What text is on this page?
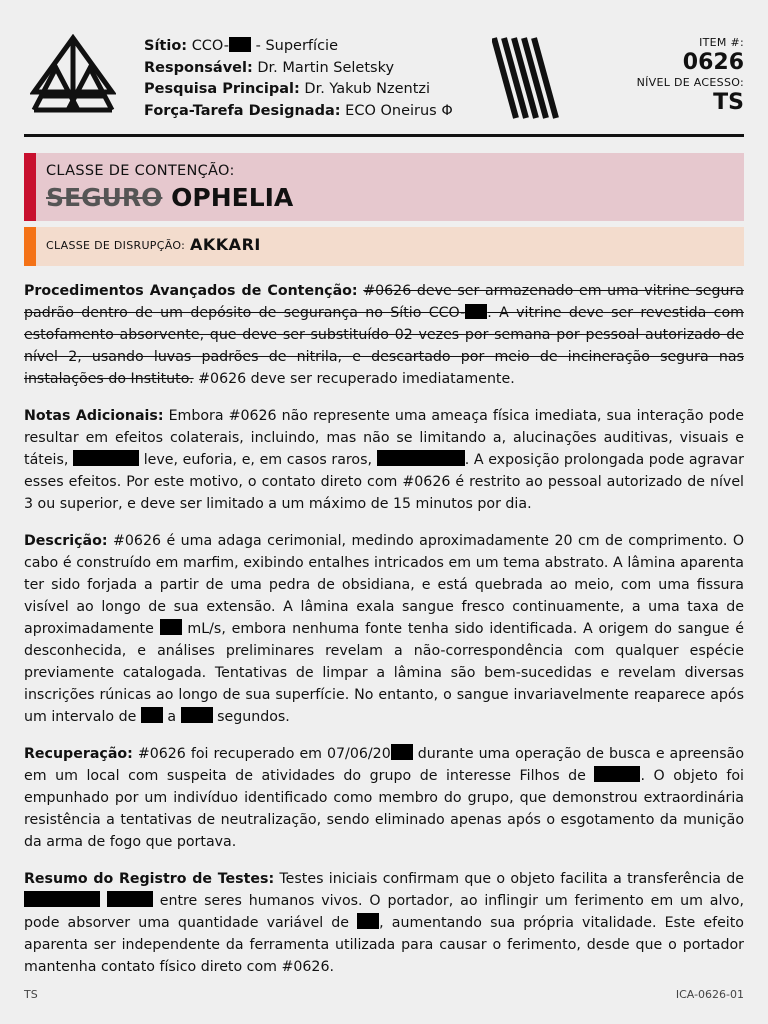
Sítio: CCO- - Superfície
Responsável: Dr. Martin Seletsky
Pesquisa Principal: Dr. Yakub Nzentzi
Força-Tarefa Designada: ECO Oneirus Φ
ITEM #:
0626
NÍVEL DE ACESSO:
TS
CLASSE DE CONTENÇÃO:
SEGURO OPHELIA
CLASSE DE DISRUPÇÃO: AKKARI

Procedimentos Avançados de Contenção: #0626 deve ser armazenado em uma vitrine segura padrão dentro de um depósito de segurança no Sítio CCO- . A vitrine deve ser revestida com estofamento absorvente, que deve ser substituído 02 vezes por semana por pessoal autorizado de nível 2, usando luvas padrões de nitrila, e descartado por meio de incineração segura nas instalações do Instituto. #0626 deve ser recuperado imediatamente.

Notas Adicionais: Embora #0626 não represente uma ameaça física imediata, sua interação pode resultar em efeitos colaterais, incluindo, mas não se limitando a, alucinações auditivas, visuais e táteis,	leve, euforia, e, em casos raros,	. A exposição prolongada pode agravar esses efeitos. Por este motivo, o contato direto com #0626 é restrito ao pessoal autorizado de nível 3 ou superior, e deve ser limitado a um máximo de 15 minutos por dia.

Descrição: #0626 é uma adaga cerimonial, medindo aproximadamente 20 cm de comprimento. O cabo é construído em marfim, exibindo entalhes intricados em um tema abstrato. A lâmina aparenta ter sido forjada a partir de uma pedra de obsidiana, e está quebrada ao meio, com uma fissura visível ao longo de sua extensão. A lâmina exala sangue fresco continuamente, a uma taxa de aproximadamente mL/s, embora nenhuma fonte tenha sido identificada. A origem do sangue é desconhecida, e análises preliminares revelam a não-correspondência com qualquer espécie previamente catalogada. Tentativas de limpar a lâmina são bem-sucedidas e revelam diversas inscrições rúnicas ao longo de sua superfície. No entanto, o sangue invariavelmente reaparece após um intervalo de a	segundos.

Recuperação: #0626 foi recuperado em 07/06/20 durante uma operação de busca e apreensão em um local com suspeita de atividades do grupo de interesse Filhos de	. O objeto foi empunhado por um indivíduo identificado como membro do grupo, que demonstrou extraordinária resistência a tentativas de neutralização, sendo eliminado apenas após o esgotamento da munição da arma de fogo que portava.

Resumo do Registro de Testes: Testes iniciais confirmam que o objeto facilita a transferência de   entre seres humanos vivos. O portador, ao inflingir um ferimento em um alvo, pode absorver uma quantidade variável de , aumentando sua própria vitalidade. Este efeito aparenta ser independente da ferramenta utilizada para causar o ferimento, desde que o portador mantenha contato físico direto com #0626.

TS	ICA-0626-01
